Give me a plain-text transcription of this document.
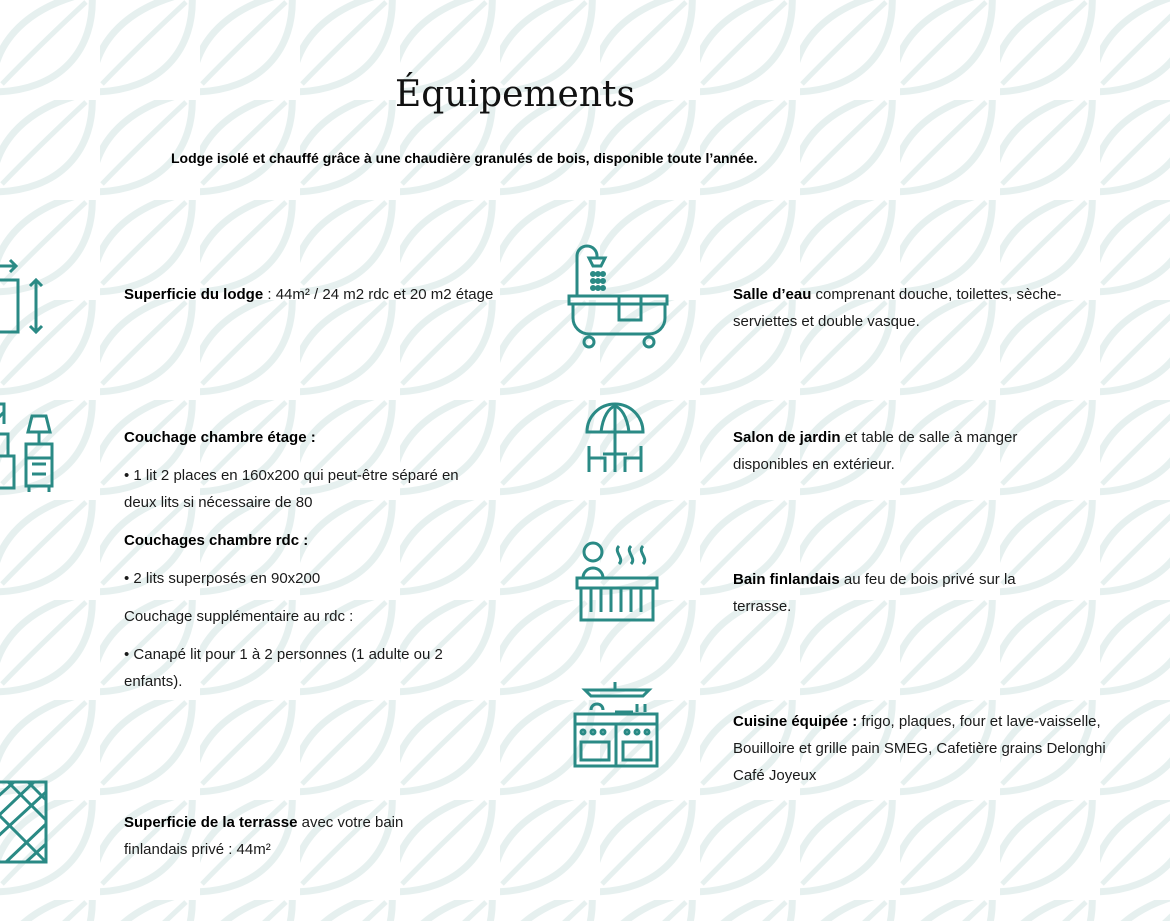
Équipements

Lodge isolé et chauffé grâce à une chaudière granulés de bois, disponible toute l’année.

Superficie du lodge : 44m² / 24 m2 rdc et 20 m2 étage

Couchage chambre étage :

• 1 lit 2 places en 160x200 qui peut-être séparé en deux lits si nécessaire de 80

Couchages chambre rdc :

• 2 lits superposés en 90x200

Couchage supplémentaire au rdc :

• Canapé lit pour 1 à 2 personnes (1 adulte ou 2 enfants).

Superficie de la terrasse avec votre bain finlandais privé : 44m²

Salle d’eau comprenant douche, toilettes, sèche-serviettes et double vasque.

Salon de jardin et table de salle à manger disponibles en extérieur.

Bain finlandais au feu de bois privé sur la terrasse.

Cuisine équipée : frigo, plaques, four et lave-vaisselle, Bouilloire et grille pain SMEG, Cafetière grains Delonghi Café Joyeux
